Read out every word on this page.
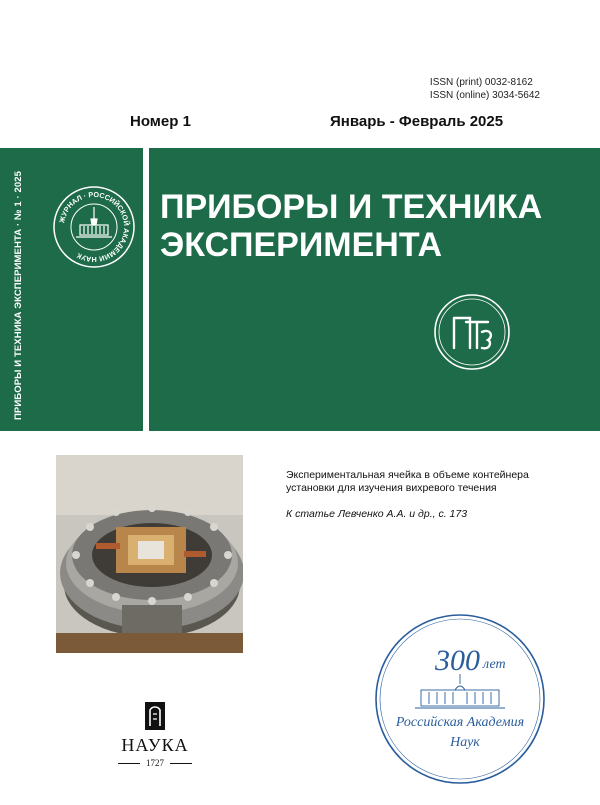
ISSN (print) 0032-8162
ISSN (online) 3034-5642
Номер 1	Январь - Февраль 2025
ПРИБОРЫ И ТЕХНИКА ЭКСПЕРИМЕНТА · № 1 · 2025	ЖУРНАЛ · РОССИЙСКОЙ АКАДЕМИИ НАУК
ПРИБОРЫ И ТЕХНИКА
ЭКСПЕРИМЕНТА
ПТЭ
Экспериментальная ячейка в объеме контейнера установки для изучения вихревого течения
К статье Левченко А.А. и др., с. 173
300 лет
Российская Академия
Наук
НАУКА
1727
